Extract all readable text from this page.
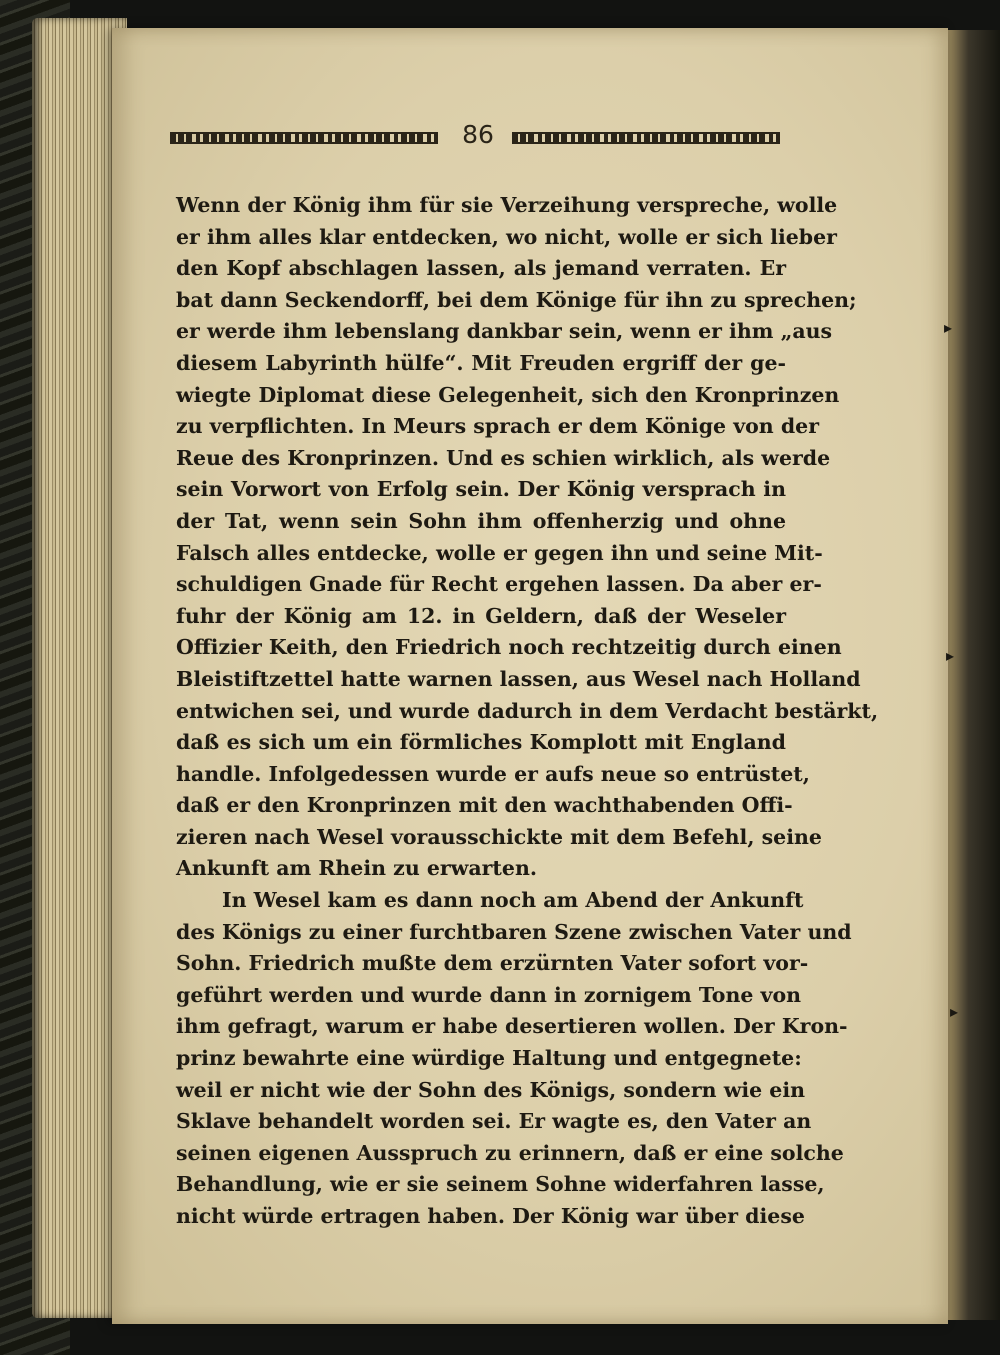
86
Wenn der König ihm für sie Verzeihung verspreche, wolle
er ihm alles klar entdecken, wo nicht, wolle er sich lieber
den Kopf abschlagen lassen, als jemand verraten. Er
bat dann Seckendorff, bei dem Könige für ihn zu sprechen;
er werde ihm lebenslang dankbar sein, wenn er ihm „aus
diesem Labyrinth hülfe“. Mit Freuden ergriff der ge-
wiegte Diplomat diese Gelegenheit, sich den Kronprinzen
zu verpflichten. In Meurs sprach er dem Könige von der
Reue des Kronprinzen. Und es schien wirklich, als werde
sein Vorwort von Erfolg sein. Der König versprach in
der Tat, wenn sein Sohn ihm offenherzig und ohne
Falsch alles entdecke, wolle er gegen ihn und seine Mit-
schuldigen Gnade für Recht ergehen lassen. Da aber er-
fuhr der König am 12. in Geldern, daß der Weseler
Offizier Keith, den Friedrich noch rechtzeitig durch einen
Bleistiftzettel hatte warnen lassen, aus Wesel nach Holland
entwichen sei, und wurde dadurch in dem Verdacht bestärkt,
daß es sich um ein förmliches Komplott mit England
handle. Infolgedessen wurde er aufs neue so entrüstet,
daß er den Kronprinzen mit den wachthabenden Offi-
zieren nach Wesel vorausschickte mit dem Befehl, seine
Ankunft am Rhein zu erwarten.
In Wesel kam es dann noch am Abend der Ankunft
des Königs zu einer furchtbaren Szene zwischen Vater und
Sohn. Friedrich mußte dem erzürnten Vater sofort vor-
geführt werden und wurde dann in zornigem Tone von
ihm gefragt, warum er habe desertieren wollen. Der Kron-
prinz bewahrte eine würdige Haltung und entgegnete:
weil er nicht wie der Sohn des Königs, sondern wie ein
Sklave behandelt worden sei. Er wagte es, den Vater an
seinen eigenen Ausspruch zu erinnern, daß er eine solche
Behandlung, wie er sie seinem Sohne widerfahren lasse,
nicht würde ertragen haben. Der König war über diese
▸
▸
▸
